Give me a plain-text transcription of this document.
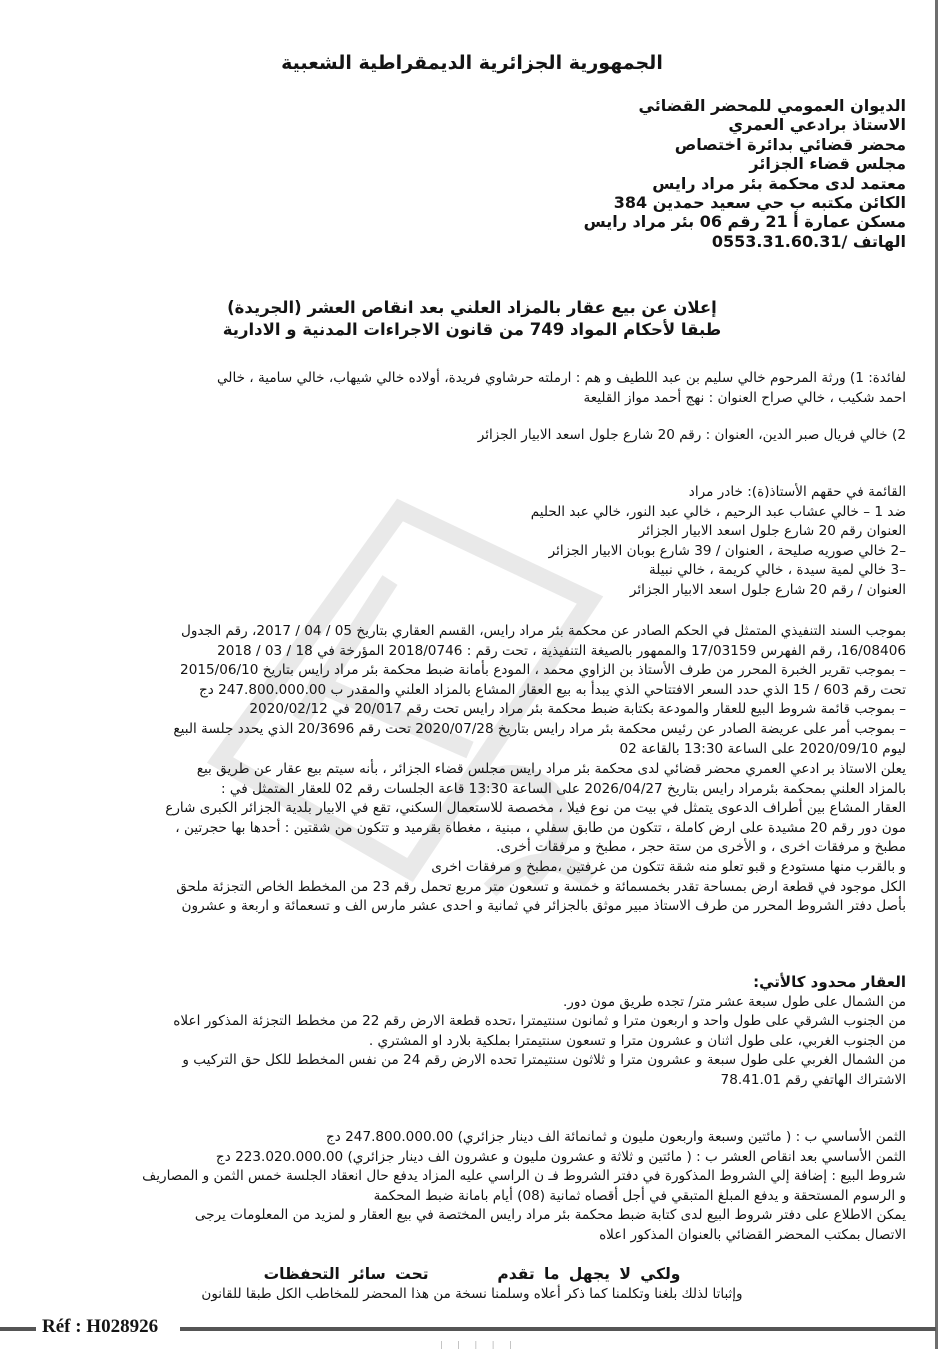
الجمهورية الجزائرية الديمقراطية الشعبية
الديوان العمومي للمحضر القضائي
الاستاذ برادعي العمري
محضر قضائي بدائرة اختصاص
مجلس قضاء الجزائر
معتمد لدى محكمة بئر مراد رايس
الكائن مكتبه ب حي سعيد حمدين 384
مسكن عمارة أ 21 رقم 06 بئر مراد رايس
الهاتف /0553.31.60.31
إعلان عن بيع عقار بالمزاد العلني بعد انقاص العشر (الجريدة)
طبقا لأحكام المواد 749 من قانون الاجراءات المدنية و الادارية
لفائدة: 1) ورثة المرحوم خالي سليم بن عبد اللطيف و هم : ارملته حرشاوي فريدة، أولاده خالي شيهاب، خالي سامية ، خالي
احمد شكيب ، خالي صراح العنوان : نهج أحمد مواز القليعة
2) خالي فريال صبر الدين، العنوان : رقم 20 شارع جلول اسعد الابيار الجزائر
القائمة في حقهم الأستاذ(ة): خادر مراد
ضد 1 – خالي عشاب عبد الرحيم ، خالي عبد النور، خالي عبد الحليم
العنوان رقم 20 شارع جلول اسعد الابيار الجزائر
–2 خالي صوريه صليحة ، العنوان / 39 شارع بوبان الابيار الجزائر
–3 خالي لمية سيدة ، خالي كريمة ، خالي نبيلة
العنوان / رقم 20 شارع جلول اسعد الابيار الجزائر
بموجب السند التنفيذي المتمثل في الحكم الصادر عن محكمة بئر مراد رايس، القسم العقاري بتاريخ 05 / 04 / 2017، رقم الجدول
16/08406، رقم الفهرس 17/03159 والممهور بالصيغة التنفيذية ، تحت رقم : 2018/0746 المؤرخة في 18 / 03 / 2018
– بموجب تقرير الخبرة المحرر من طرف الأستاذ بن الزاوي محمد ، المودع بأمانة ضبط محكمة بئر مراد رايس بتاريخ 2015/06/10
تحت رقم 603 / 15 الذي حدد السعر الافتتاحي الذي يبدأ به بيع العقار المشاع بالمزاد العلني والمقدر ب 247.800.000.00 دج
– بموجب قائمة شروط البيع للعقار والمودعة بكتابة ضبط محكمة بئر مراد رايس تحت رقم 20/017 في 2020/02/12
– بموجب أمر على عريضة الصادر عن رئيس محكمة بئر مراد رايس بتاريخ 2020/07/28 تحت رقم 20/3696 الذي يحدد جلسة البيع
ليوم 2020/09/10 على الساعة 13:30 بالقاعة 02
يعلن الاستاذ بر ادعي العمري محضر قضائي لدى محكمة بئر مراد رايس مجلس قضاء الجزائر ، بأنه سيتم بيع عقار عن طريق بيع
بالمزاد العلني بمحكمة بئرمراد رايس بتاريخ 2026/04/27 على الساعة 13:30 قاعة الجلسات رقم 02 للعقار المتمثل في :
العقار المشاع بين أطراف الدعوى يتمثل في بيت من نوع فيلا ، مخصصة للاستعمال السكني، تقع في الابيار بلدية الجزائر الكبرى شارع
مون دور رقم 20 مشيدة على ارض كاملة ، تتكون من طابق سفلي ، مبنية ، مغطاة بقرميد و تتكون من شقتين : أحدها بها حجرتين ،
مطبخ و مرفقات اخرى ، و الأخرى من ستة حجر ، مطبخ و مرفقات أخرى.
و بالقرب منها مستودع و قبو تعلو منه شقة تتكون من غرفتين ،مطبخ و مرفقات اخرى
الكل موجود في قطعة ارض بمساحة تقدر بخمسمائة و خمسة و تسعون متر مربع تحمل رقم 23 من المخطط الخاص التجزئة ملحق
بأصل دفتر الشروط المحرر من طرف الاستاذ مبير موثق بالجزائر في ثمانية و احدى عشر مارس الف و تسعمائة و اربعة و عشرون
العقار محدود كالأتي:
من الشمال على طول سبعة عشر متر/ تجده طريق مون دور.
من الجنوب الشرقي على طول واحد و اربعون مترا و ثمانون سنتيمترا ،تحده قطعة الارض رقم 22 من مخطط التجزئة المذكور اعلاه
من الجنوب الغربي، على طول اثنان و عشرون مترا و تسعون سنتيمترا بملكية بلارد او المشتري .
من الشمال الغربي على طول سبعة و عشرون مترا و ثلاثون سنتيمترا تحده الارض رقم 24 من نفس المخطط للكل حق التركيب و
الاشتراك الهاتفي رقم 78.41.01
الثمن الأساسي ب : ( مائتين وسبعة واربعون مليون و ثمانمائة الف دينار جزائري) 247.800.000.00 دج
الثمن الأساسي بعد انقاص العشر ب : ( مائتين و ثلاثة و عشرون مليون و عشرون الف دينار جزائري) 223.020.000.00 دج
شروط البيع : إضافة إلي الشروط المذكورة في دفتر الشروط فـ ن الراسي عليه المزاد يدفع حال انعقاد الجلسة خمس الثمن و المصاريف
و الرسوم المستحقة و يدفع المبلغ المتبقي في أجل أقصاه ثمانية (08) أيام بامانة ضبط المحكمة
يمكن الاطلاع على دفتر شروط البيع لدى كتابة ضبط محكمة بئر مراد رايس المختصة في بيع العقار و لمزيد من المعلومات يرجى
الاتصال بمكتب المحضر القضائي بالعنوان المذكور اعلاه
ولكي لا يجهل ما تقدم  تحت سائر التحفظات
وإثباتا لذلك بلغنا وتكلمنا كما ذكر أعلاه وسلمنا نسخة من هذا المحضر للمخاطب الكل طبقا للقانون
Réf : H028926
| | | | |
